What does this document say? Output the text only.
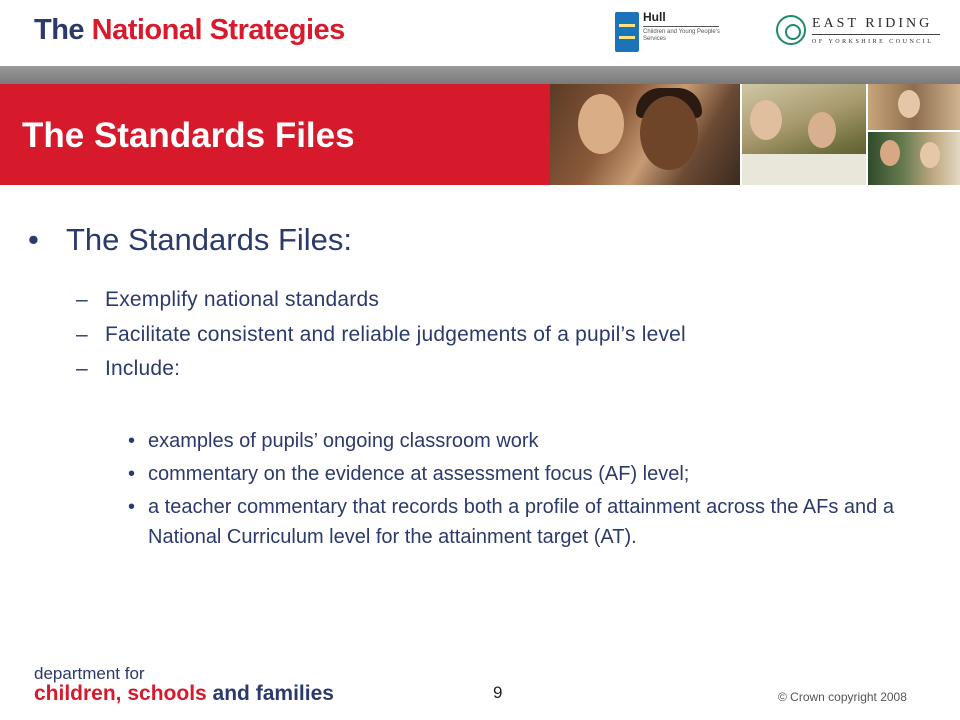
The National Strategies	Hull
Children and Young People's Services
EAST RIDING
OF YORKSHIRE COUNCIL
The Standards Files
• The Standards Files:
– Exemplify national standards
– Facilitate consistent and reliable judgements of a pupil’s level
– Include:
• examples of pupils’ ongoing classroom work
• commentary on the evidence at assessment focus (AF) level;
• a teacher commentary that records both a profile of attainment across the AFs and a National Curriculum level for the attainment target (AT).
department for
children, schools and families	9	© Crown copyright 2008
